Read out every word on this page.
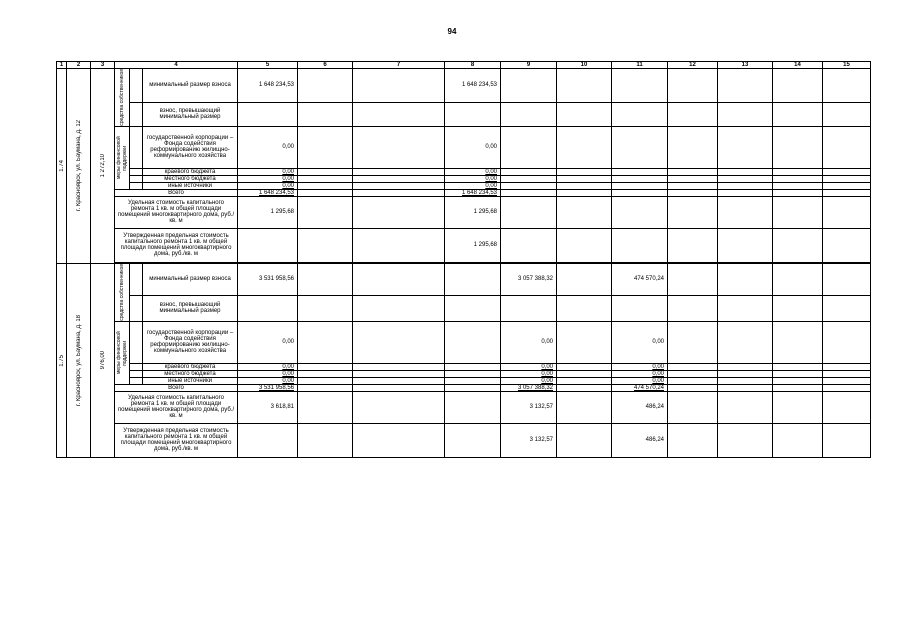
94
1	2	3	4			5	6	7	8	9	10	11	12	13	14	15

1.74	г. Красноярск, ул. Баумана, д. 12	1 272,10	средства собственников		минимальный размер взноса	1 648 234,53			1 648 234,53							
					взнос, превышающий минимальный размер											

			меры финансовой поддержки		государственной корпорации – Фонда содействия реформированию жилищно-коммунального хозяйства	0,00			0,00							
					краевого бюджета	0,00			0,00							
					местного бюджета	0,00			0,00							
					иные источники	0,00			0,00							
			Всего			1 648 234,53			1 648 234,53							
			Удельная стоимость капитального ремонта 1 кв. м общей площади помещений многоквартирного дома, руб./кв. м			1 295,68			1 295,68							
			Утвержденная предельная стоимость капитального ремонта 1 кв. м общей площади помещений многоквартирного дома, руб./кв. м						1 295,68							

1.75	г. Красноярск, ул. Баумана, д. 18	976,00	средства собственников		минимальный размер взноса	3 531 958,56				3 057 388,32		474 570,24				
					взнос, превышающий минимальный размер											

			меры финансовой поддержки		государственной корпорации – Фонда содействия реформированию жилищно-коммунального хозяйства	0,00				0,00		0,00				
					краевого бюджета	0,00				0,00		0,00				
					местного бюджета	0,00				0,00		0,00				
					иные источники	0,00				0,00		0,00				
			Всего			3 531 958,56				3 057 388,32		474 570,24				
			Удельная стоимость капитального ремонта 1 кв. м общей площади помещений многоквартирного дома, руб./кв. м			3 618,81				3 132,57		486,24				
			Утвержденная предельная стоимость капитального ремонта 1 кв. м общей площади помещений многоквартирного дома, руб./кв. м							3 132,57		486,24				
